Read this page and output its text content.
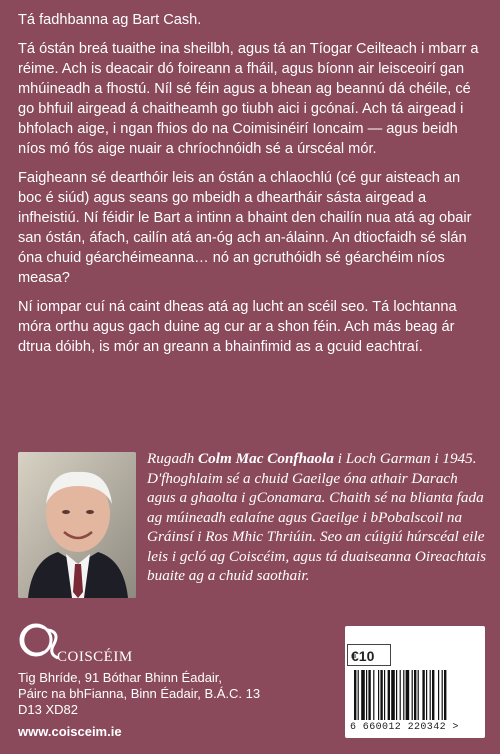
Tá fadhbanna ag Bart Cash.

Tá óstán breá tuaithe ina sheilbh, agus tá an Tíogar Ceilteach i mbarr a réime. Ach is deacair dó foireann a fháil, agus bíonn air leisceoirí gan mhúineadh a fhostú. Níl sé féin agus a bhean ag beannú dá chéile, cé go bhfuil airgead á chaitheamh go tiubh aici i gcónaí. Ach tá airgead i bhfolach aige, i ngan fhios do na Coimisinéirí Ioncaim — agus beidh níos mó fós aige nuair a chríochnóidh sé a úrscéal mór.

Faigheann sé dearthóir leis an óstán a chlaochlú (cé gur aisteach an boc é siúd) agus seans go mbeidh a dheartháir sásta airgead a infheistiú. Ní féidir le Bart a intinn a bhaint den chailín nua atá ag obair san óstán, áfach, cailín atá an-óg ach an-álainn. An dtiocfaidh sé slán óna chuid géarchéimeanna… nó an gcruthóidh sé géarchéim níos measa?

Ní iompar cuí ná caint dheas atá ag lucht an scéil seo. Tá lochtanna móra orthu agus gach duine ag cur ar a shon féin. Ach más beag ár dtrua dóibh, is mór an greann a bhainfimid as a gcuid eachtraí.

Rugadh Colm Mac Confhaola i Loch Garman i 1945. D'fhoghlaim sé a chuid Gaeilge óna athair Darach agus a ghaolta i gConamara. Chaith sé na blianta fada ag múineadh ealaíne agus Gaeilge i bPobalscoil na Gráinsí i Ros Mhic Thriúin. Seo an cúigiú húrscéal eile leis i gcló ag Coiscéim, agus tá duaiseanna Oireachtais buaite ag a chuid saothair.
COISCÉIM
Tig Bhríde, 91 Bóthar Bhinn Éadair,
Páirc na bhFianna, Binn Éadair, B.Á.C. 13
D13 XD82
www.coisceim.ie
€10
6 660012 220342 >
